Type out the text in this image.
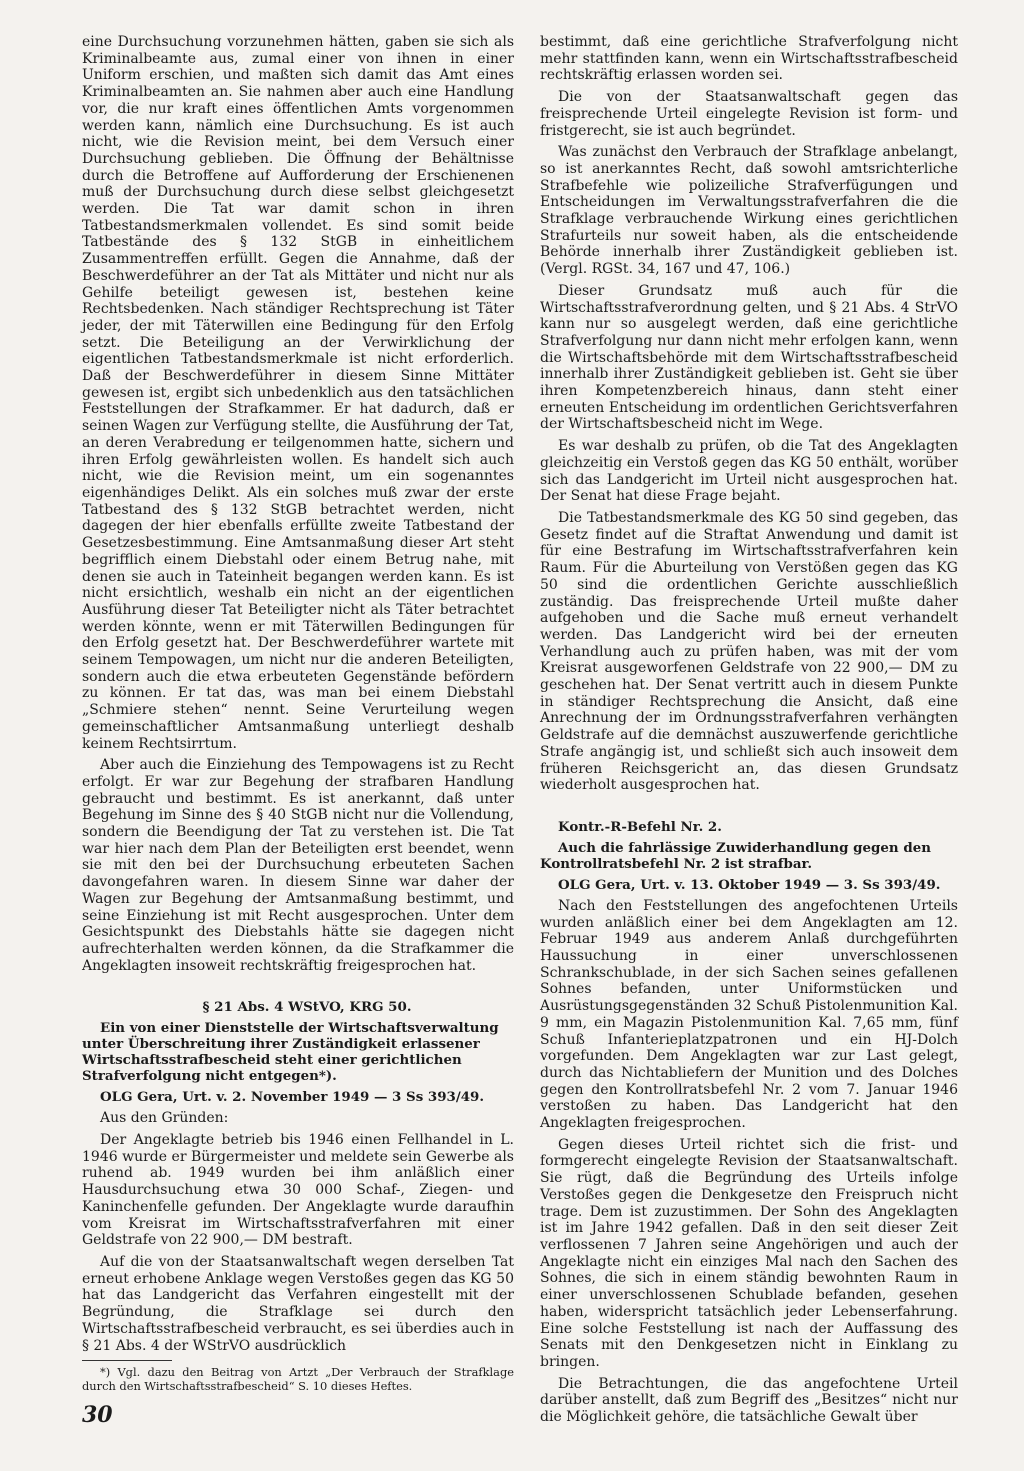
eine Durchsuchung vorzunehmen hätten, gaben sie sich als Kriminalbeamte aus, zumal einer von ihnen in einer Uniform erschien, und maßten sich damit das Amt eines Kriminalbeamten an. Sie nahmen aber auch eine Handlung vor, die nur kraft eines öffentlichen Amts vorgenommen werden kann, nämlich eine Durchsuchung. Es ist auch nicht, wie die Revision meint, bei dem Versuch einer Durchsuchung geblieben. Die Öffnung der Behältnisse durch die Betroffene auf Aufforderung der Erschienenen muß der Durchsuchung durch diese selbst gleichgesetzt werden. Die Tat war damit schon in ihren Tatbestandsmerkmalen vollendet. Es sind somit beide Tatbestände des § 132 StGB in einheitlichem Zusammentreffen erfüllt. Gegen die Annahme, daß der Beschwerdeführer an der Tat als Mittäter und nicht nur als Gehilfe beteiligt gewesen ist, bestehen keine Rechtsbedenken. Nach ständiger Rechtsprechung ist Täter jeder, der mit Täterwillen eine Bedingung für den Erfolg setzt. Die Beteiligung an der Verwirklichung der eigentlichen Tatbestandsmerkmale ist nicht erforderlich. Daß der Beschwerdeführer in diesem Sinne Mittäter gewesen ist, ergibt sich unbedenklich aus den tatsächlichen Feststellungen der Strafkammer. Er hat dadurch, daß er seinen Wagen zur Verfügung stellte, die Ausführung der Tat, an deren Verabredung er teilgenommen hatte, sichern und ihren Erfolg gewährleisten wollen. Es handelt sich auch nicht, wie die Revision meint, um ein sogenanntes eigenhändiges Delikt. Als ein solches muß zwar der erste Tatbestand des § 132 StGB betrachtet werden, nicht dagegen der hier ebenfalls erfüllte zweite Tatbestand der Gesetzesbestimmung. Eine Amtsanmaßung dieser Art steht begrifflich einem Diebstahl oder einem Betrug nahe, mit denen sie auch in Tateinheit begangen werden kann. Es ist nicht ersichtlich, weshalb ein nicht an der eigentlichen Ausführung dieser Tat Beteiligter nicht als Täter betrachtet werden könnte, wenn er mit Täterwillen Bedingungen für den Erfolg gesetzt hat. Der Beschwerdeführer wartete mit seinem Tempowagen, um nicht nur die anderen Beteiligten, sondern auch die etwa erbeuteten Gegenstände befördern zu können. Er tat das, was man bei einem Diebstahl „Schmiere stehen“ nennt. Seine Verurteilung wegen gemeinschaftlicher Amtsanmaßung unterliegt deshalb keinem Rechtsirrtum.

Aber auch die Einziehung des Tempowagens ist zu Recht erfolgt. Er war zur Begehung der strafbaren Handlung gebraucht und bestimmt. Es ist anerkannt, daß unter Begehung im Sinne des § 40 StGB nicht nur die Vollendung, sondern die Beendigung der Tat zu verstehen ist. Die Tat war hier nach dem Plan der Beteiligten erst beendet, wenn sie mit den bei der Durchsuchung erbeuteten Sachen davongefahren waren. In diesem Sinne war daher der Wagen zur Begehung der Amtsanmaßung bestimmt, und seine Einziehung ist mit Recht ausgesprochen. Unter dem Gesichtspunkt des Diebstahls hätte sie dagegen nicht aufrechterhalten werden können, da die Strafkammer die Angeklagten insoweit rechtskräftig freigesprochen hat.

§ 21 Abs. 4 WStVO, KRG 50.

Ein von einer Dienststelle der Wirtschaftsverwaltung unter Überschreitung ihrer Zuständigkeit erlassener Wirtschaftsstrafbescheid steht einer gerichtlichen Strafverfolgung nicht entgegen*).

OLG Gera, Urt. v. 2. November 1949 — 3 Ss 393/49.

Aus den Gründen:

Der Angeklagte betrieb bis 1946 einen Fellhandel in L. 1946 wurde er Bürgermeister und meldete sein Gewerbe als ruhend ab. 1949 wurden bei ihm anläßlich einer Hausdurchsuchung etwa 30 000 Schaf-, Ziegen- und Kaninchenfelle gefunden. Der Angeklagte wurde daraufhin vom Kreisrat im Wirtschaftsstrafverfahren mit einer Geldstrafe von 22 900,— DM bestraft.

Auf die von der Staatsanwaltschaft wegen derselben Tat erneut erhobene Anklage wegen Verstoßes gegen das KG 50 hat das Landgericht das Verfahren eingestellt mit der Begründung, die Strafklage sei durch den Wirtschaftsstrafbescheid verbraucht, es sei überdies auch in § 21 Abs. 4 der WStrVO ausdrücklich

*) Vgl. dazu den Beitrag von Artzt „Der Verbrauch der Strafklage durch den Wirtschaftsstrafbescheid“ S. 10 dieses Heftes.

bestimmt, daß eine gerichtliche Strafverfolgung nicht mehr stattfinden kann, wenn ein Wirtschaftsstrafbescheid rechtskräftig erlassen worden sei.

Die von der Staatsanwaltschaft gegen das freisprechende Urteil eingelegte Revision ist form- und fristgerecht, sie ist auch begründet.

Was zunächst den Verbrauch der Strafklage anbelangt, so ist anerkanntes Recht, daß sowohl amtsrichterliche Strafbefehle wie polizeiliche Strafverfügungen und Entscheidungen im Verwaltungsstrafverfahren die die Strafklage verbrauchende Wirkung eines gerichtlichen Strafurteils nur soweit haben, als die entscheidende Behörde innerhalb ihrer Zuständigkeit geblieben ist. (Vergl. RGSt. 34, 167 und 47, 106.)

Dieser Grundsatz muß auch für die Wirtschaftsstrafverordnung gelten, und § 21 Abs. 4 StrVO kann nur so ausgelegt werden, daß eine gerichtliche Strafverfolgung nur dann nicht mehr erfolgen kann, wenn die Wirtschaftsbehörde mit dem Wirtschaftsstrafbescheid innerhalb ihrer Zuständigkeit geblieben ist. Geht sie über ihren Kompetenzbereich hinaus, dann steht einer erneuten Entscheidung im ordentlichen Gerichtsverfahren der Wirtschaftsbescheid nicht im Wege.

Es war deshalb zu prüfen, ob die Tat des Angeklagten gleichzeitig ein Verstoß gegen das KG 50 enthält, worüber sich das Landgericht im Urteil nicht ausgesprochen hat. Der Senat hat diese Frage bejaht.

Die Tatbestandsmerkmale des KG 50 sind gegeben, das Gesetz findet auf die Straftat Anwendung und damit ist für eine Bestrafung im Wirtschaftsstrafverfahren kein Raum. Für die Aburteilung von Verstößen gegen das KG 50 sind die ordentlichen Gerichte ausschließlich zuständig. Das freisprechende Urteil mußte daher aufgehoben und die Sache muß erneut verhandelt werden. Das Landgericht wird bei der erneuten Verhandlung auch zu prüfen haben, was mit der vom Kreisrat ausgeworfenen Geldstrafe von 22 900,— DM zu geschehen hat. Der Senat vertritt auch in diesem Punkte in ständiger Rechtsprechung die Ansicht, daß eine Anrechnung der im Ordnungsstrafverfahren verhängten Geldstrafe auf die demnächst auszuwerfende gerichtliche Strafe angängig ist, und schließt sich auch insoweit dem früheren Reichsgericht an, das diesen Grundsatz wiederholt ausgesprochen hat.

Kontr.-R-Befehl Nr. 2.

Auch die fahrlässige Zuwiderhandlung gegen den Kontrollratsbefehl Nr. 2 ist strafbar.

OLG Gera, Urt. v. 13. Oktober 1949 — 3. Ss 393/49.

Nach den Feststellungen des angefochtenen Urteils wurden anläßlich einer bei dem Angeklagten am 12. Februar 1949 aus anderem Anlaß durchgeführten Haussuchung in einer unverschlossenen Schrankschublade, in der sich Sachen seines gefallenen Sohnes befanden, unter Uniformstücken und Ausrüstungsgegenständen 32 Schuß Pistolenmunition Kal. 9 mm, ein Magazin Pistolenmunition Kal. 7,65 mm, fünf Schuß Infanterieplatzpatronen und ein HJ-Dolch vorgefunden. Dem Angeklagten war zur Last gelegt, durch das Nichtabliefern der Munition und des Dolches gegen den Kontrollratsbefehl Nr. 2 vom 7. Januar 1946 verstoßen zu haben. Das Landgericht hat den Angeklagten freigesprochen.

Gegen dieses Urteil richtet sich die frist- und formgerecht eingelegte Revision der Staatsanwaltschaft. Sie rügt, daß die Begründung des Urteils infolge Verstoßes gegen die Denkgesetze den Freispruch nicht trage. Dem ist zuzustimmen. Der Sohn des Angeklagten ist im Jahre 1942 gefallen. Daß in den seit dieser Zeit verflossenen 7 Jahren seine Angehörigen und auch der Angeklagte nicht ein einziges Mal nach den Sachen des Sohnes, die sich in einem ständig bewohnten Raum in einer unverschlossenen Schublade befanden, gesehen haben, widerspricht tatsächlich jeder Lebenserfahrung. Eine solche Feststellung ist nach der Auffassung des Senats mit den Denkgesetzen nicht in Einklang zu bringen.

Die Betrachtungen, die das angefochtene Urteil darüber anstellt, daß zum Begriff des „Besitzes“ nicht nur die Möglichkeit gehöre, die tatsächliche Gewalt über

30
